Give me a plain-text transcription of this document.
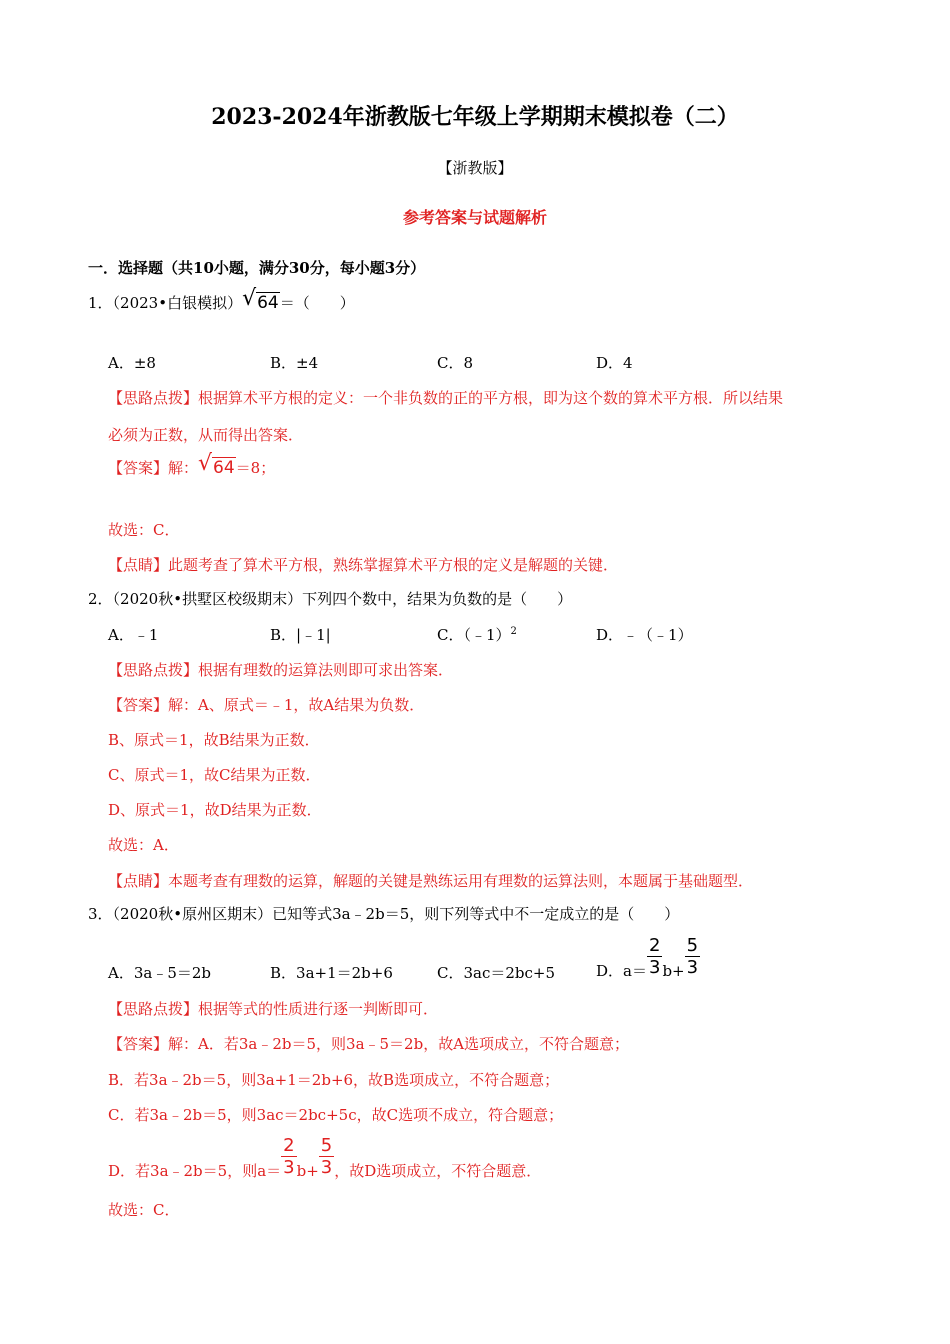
2023-2024年浙教版七年级上学期期末模拟卷（二）
【浙教版】
参考答案与试题解析
一．选择题（共10小题，满分30分，每小题3分）
1．（2023•白银模拟） √ 64＝（　　）
A．±8	B．±4	C．8	D．4
【思路点拨】根据算术平方根的定义：一个非负数的正的平方根，即为这个数的算术平方根．所以结果
必须为正数，从而得出答案．
【答案】解： √ 64＝8；
故选：C．
【点睛】此题考查了算术平方根，熟练掌握算术平方根的定义是解题的关键．
2．（2020秋•拱墅区校级期末）下列四个数中，结果为负数的是（　　）
A．﹣1	B．|﹣1|	C．（﹣1）$^2$	D．﹣（﹣1）
【思路点拨】根据有理数的运算法则即可求出答案．
【答案】解：A、原式＝﹣1，故A结果为负数．
B、原式＝1，故B结果为正数．
C、原式＝1，故C结果为正数．
D、原式＝1，故D结果为正数．
故选：A．
【点睛】本题考查有理数的运算，解题的关键是熟练运用有理数的运算法则，本题属于基础题型．
3．（2020秋•原州区期末）已知等式3a﹣2b＝5，则下列等式中不一定成立的是（　　）
A．3a﹣5＝2b	B．3a+1＝2b+6	C．3ac＝2bc+5	D．$a= \frac{2}{3} b+ \frac{5}{3}$
【思路点拨】根据等式的性质进行逐一判断即可．
【答案】解：A．若3a﹣2b＝5，则3a﹣5＝2b，故A选项成立，不符合题意；
B．若3a﹣2b＝5，则3a+1＝2b+6，故B选项成立，不符合题意；
C．若3a﹣2b＝5，则3ac＝2bc+5c，故C选项不成立，符合题意；
D．若3a﹣2b＝5，则$a= \frac{2}{3} b+ \frac{5}{3}$ ，故D选项成立，不符合题意．
故选：C．
